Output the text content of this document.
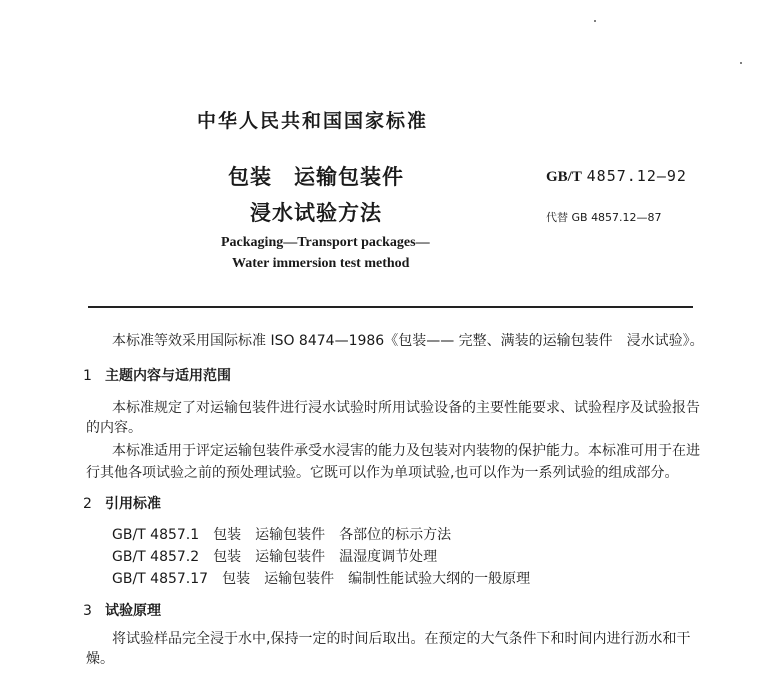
中华人民共和国国家标准
包装　运输包装件
浸水试验方法
Packaging—Transport packages—
Water immersion test method
GB/T 4857.12—92
代替 GB 4857.12—87
本标准等效采用国际标准 ISO 8474—1986《包装—— 完整、满装的运输包装件　浸水试验》。
1 主题内容与适用范围
本标准规定了对运输包装件进行浸水试验时所用试验设备的主要性能要求、试验程序及试验报告
的内容。
本标准适用于评定运输包装件承受水浸害的能力及包装对内装物的保护能力。本标准可用于在进
行其他各项试验之前的预处理试验。它既可以作为单项试验,也可以作为一系列试验的组成部分。
2 引用标准
GB/T 4857.1　包装　运输包装件　各部位的标示方法
GB/T 4857.2　包装　运输包装件　温湿度调节处理
GB/T 4857.17　包装　运输包装件　编制性能试验大纲的一般原理
3 试验原理
将试验样品完全浸于水中,保持一定的时间后取出。在预定的大气条件下和时间内进行沥水和干
燥。
